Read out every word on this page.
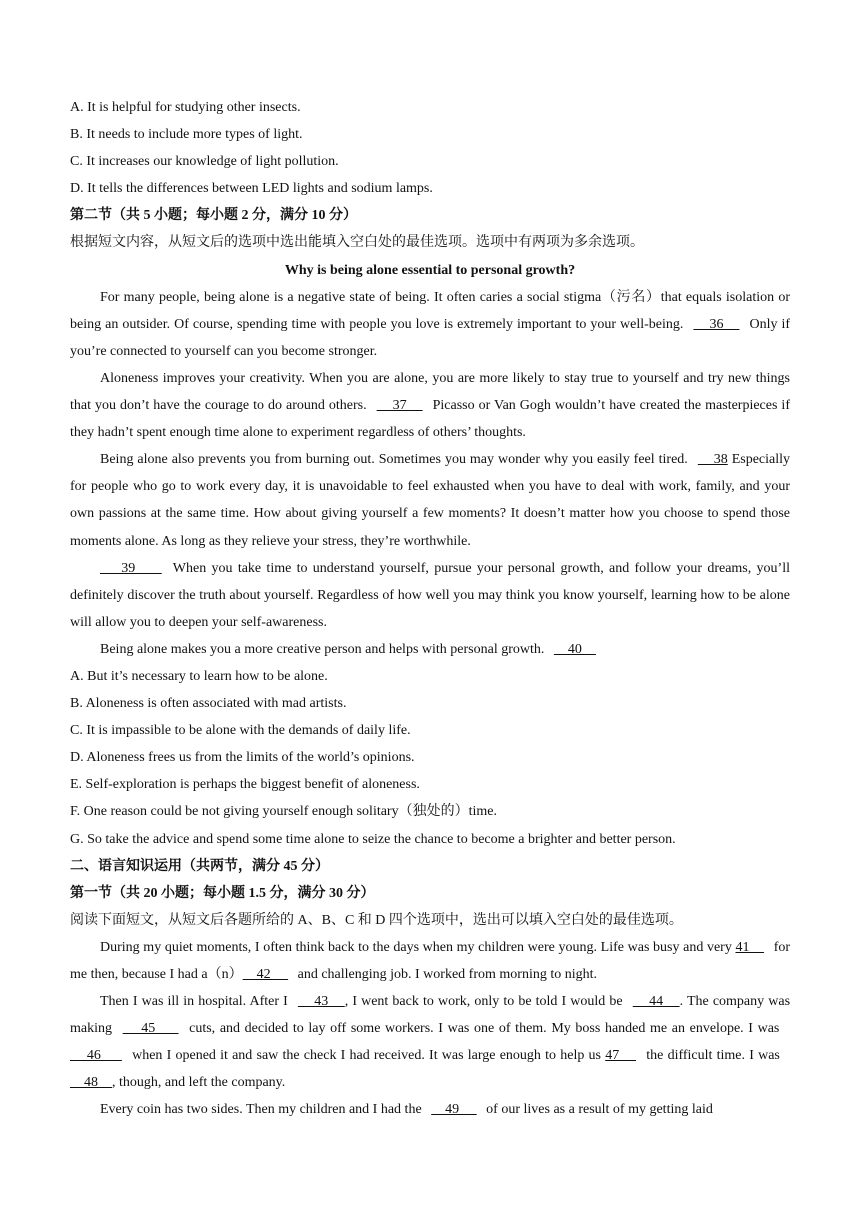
A. It is helpful for studying other insects.
B. It needs to include more types of light.
C. It increases our knowledge of light pollution.
D. It tells the differences between LED lights and sodium lamps.
第二节（共 5 小题；每小题 2 分，满分 10 分）
根据短文内容，从短文后的选项中选出能填入空白处的最佳选项。选项中有两项为多余选项。
Why is being alone essential to personal growth?
For many people, being alone is a negative state of being. It often caries a social stigma（污名）that equals isolation or being an outsider. Of course, spending time with people you love is extremely important to your well-being.     36     Only if you’re connected to yourself can you become stronger.
Aloneness improves your creativity. When you are alone, you are more likely to stay true to yourself and try new things that you don’t have the courage to do around others.     37     Picasso or Van Gogh wouldn’t have created the masterpieces if they hadn’t spent enough time alone to experiment regardless of others’ thoughts.
Being alone also prevents you from burning out. Sometimes you may wonder why you easily feel tired.     38 Especially for people who go to work every day, it is unavoidable to feel exhausted when you have to deal with work, family, and your own passions at the same time. How about giving yourself a few moments? It doesn’t matter how you choose to spend those moments alone. As long as they relieve your stress, they’re worthwhile.
39      When you take time to understand yourself, pursue your personal growth, and follow your dreams, you’ll definitely discover the truth about yourself. Regardless of how well you may think you know yourself, learning how to be alone will allow you to deepen your self-awareness.
Being alone makes you a more creative person and helps with personal growth.     40
A. But it’s necessary to learn how to be alone.
B. Aloneness is often associated with mad artists.
C. It is impassible to be alone with the demands of daily life.
D. Aloneness frees us from the limits of the world’s opinions.
E. Self-exploration is perhaps the biggest benefit of aloneness.
F. One reason could be not giving yourself enough solitary（独处的）time.
G. So take the advice and spend some time alone to seize the chance to become a brighter and better person.
二、语言知识运用（共两节，满分 45 分）
第一节（共 20 小题；每小题 1.5 分，满分 30 分）
阅读下面短文，从短文后各题所给的 A、B、C 和 D 四个选项中，选出可以填入空白处的最佳选项。
During my quiet moments, I often think back to the days when my children were young. Life was busy and very 41     for me then, because I had a（n）    42      and challenging job. I worked from morning to night.
Then I was ill in hospital. After I     43    , I went back to work, only to be told I would be     44    . The company was making     45      cuts, and decided to lay off some workers. I was one of them. My boss handed me an envelope. I was     46      when I opened it and saw the check I had received. It was large enough to help us 47     the difficult time. I was     48    , though, and left the company.
Every coin has two sides. Then my children and I had the     49      of our lives as a result of my getting laid
